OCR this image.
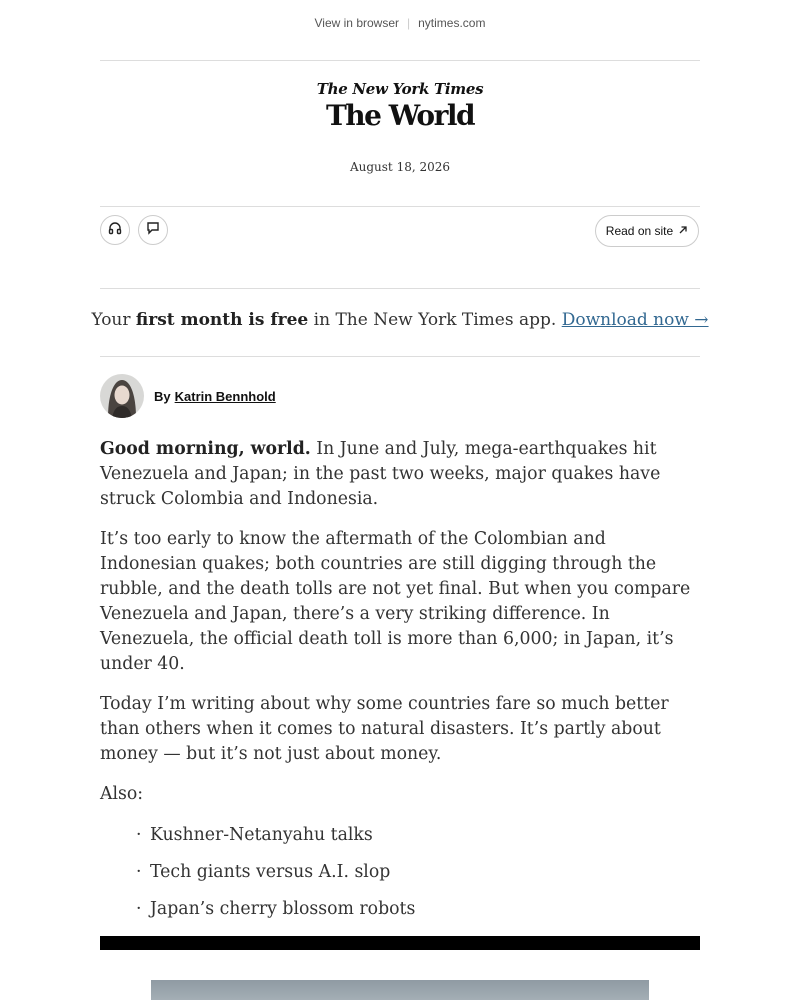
View in browser | nytimes.com
The New York Times
The World
August 18, 2026
Read on site
Your first month is free in The New York Times app. Download now →
By Katrin Bennhold

Good morning, world. In June and July, mega-earthquakes hit Venezuela and Japan; in the past two weeks, major quakes have struck Colombia and Indonesia.

It’s too early to know the aftermath of the Colombian and Indonesian quakes; both countries are still digging through the rubble, and the death tolls are not yet final. But when you compare Venezuela and Japan, there’s a very striking difference. In Venezuela, the official death toll is more than 6,000; in Japan, it’s under 40.

Today I’m writing about why some countries fare so much better than others when it comes to natural disasters. It’s partly about money — but it’s not just about money.

Also:

· Kushner-Netanyahu talks
· Tech giants versus A.I. slop
· Japan’s cherry blossom robots
